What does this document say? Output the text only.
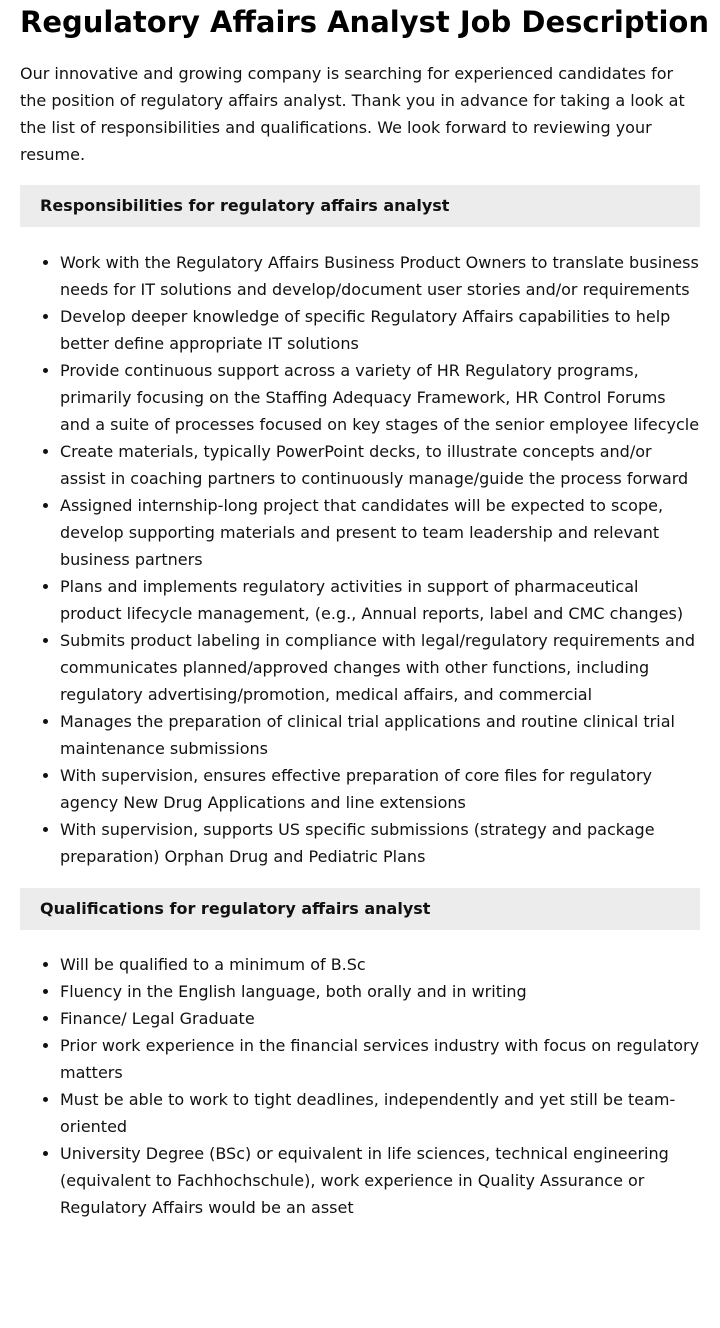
Regulatory Affairs Analyst Job Description

Our innovative and growing company is searching for experienced candidates for the position of regulatory affairs analyst. Thank you in advance for taking a look at the list of responsibilities and qualifications. We look forward to reviewing your resume.

Responsibilities for regulatory affairs analyst
• Work with the Regulatory Affairs Business Product Owners to translate business needs for IT solutions and develop/document user stories and/or requirements
• Develop deeper knowledge of specific Regulatory Affairs capabilities to help better define appropriate IT solutions
• Provide continuous support across a variety of HR Regulatory programs, primarily focusing on the Staffing Adequacy Framework, HR Control Forums and a suite of processes focused on key stages of the senior employee lifecycle
• Create materials, typically PowerPoint decks, to illustrate concepts and/or assist in coaching partners to continuously manage/guide the process forward
• Assigned internship-long project that candidates will be expected to scope, develop supporting materials and present to team leadership and relevant business partners
• Plans and implements regulatory activities in support of pharmaceutical product lifecycle management, (e.g., Annual reports, label and CMC changes)
• Submits product labeling in compliance with legal/regulatory requirements and communicates planned/approved changes with other functions, including regulatory advertising/promotion, medical affairs, and commercial
• Manages the preparation of clinical trial applications and routine clinical trial maintenance submissions
• With supervision, ensures effective preparation of core files for regulatory agency New Drug Applications and line extensions
• With supervision, supports US specific submissions (strategy and package preparation) Orphan Drug and Pediatric Plans
Qualifications for regulatory affairs analyst
• Will be qualified to a minimum of B.Sc
• Fluency in the English language, both orally and in writing
• Finance/ Legal Graduate
• Prior work experience in the financial services industry with focus on regulatory matters
• Must be able to work to tight deadlines, independently and yet still be team-oriented
• University Degree (BSc) or equivalent in life sciences, technical engineering (equivalent to Fachhochschule), work experience in Quality Assurance or Regulatory Affairs would be an asset
